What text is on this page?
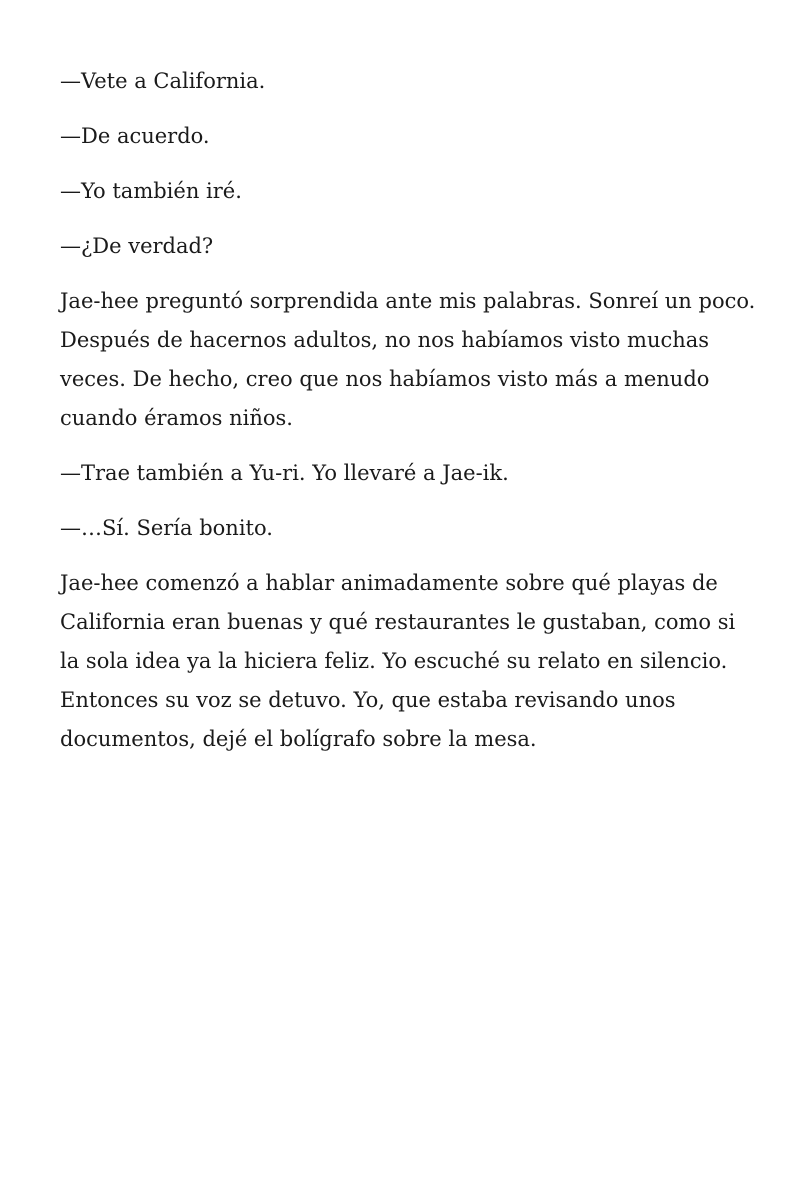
—Vete a California.

—De acuerdo.

—Yo también iré.

—¿De verdad?

Jae-hee preguntó sorprendida ante mis palabras. Sonreí un poco. Después de hacernos adultos, no nos habíamos visto muchas veces. De hecho, creo que nos habíamos visto más a menudo cuando éramos niños.

—Trae también a Yu-ri. Yo llevaré a Jae-ik.

—…Sí. Sería bonito.

Jae-hee comenzó a hablar animadamente sobre qué playas de California eran buenas y qué restaurantes le gustaban, como si la sola idea ya la hiciera feliz. Yo escuché su relato en silencio. Entonces su voz se detuvo. Yo, que estaba revisando unos documentos, dejé el bolígrafo sobre la mesa.
